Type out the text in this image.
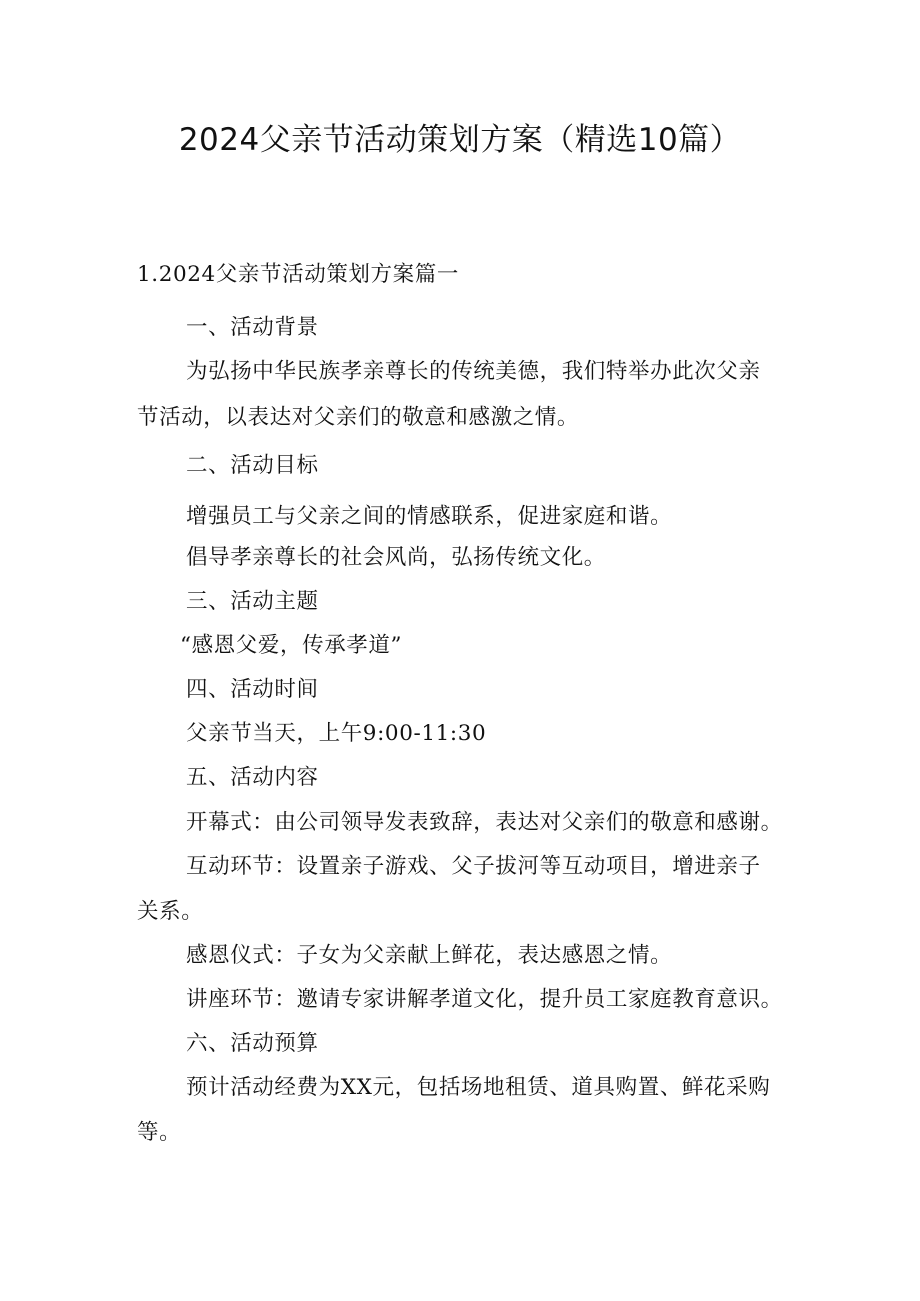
2024父亲节活动策划方案（精选10篇）
1.2024父亲节活动策划方案篇一
一、活动背景
为弘扬中华民族孝亲尊长的传统美德，我们特举办此次父亲
节活动，以表达对父亲们的敬意和感激之情。
二、活动目标
增强员工与父亲之间的情感联系，促进家庭和谐。
倡导孝亲尊长的社会风尚，弘扬传统文化。
三、活动主题
“感恩父爱，传承孝道”
四、活动时间
父亲节当天，上午9:00-11:30
五、活动内容
开幕式：由公司领导发表致辞，表达对父亲们的敬意和感谢。
互动环节：设置亲子游戏、父子拔河等互动项目，增进亲子
关系。
感恩仪式：子女为父亲献上鲜花，表达感恩之情。
讲座环节：邀请专家讲解孝道文化，提升员工家庭教育意识。
六、活动预算
预计活动经费为XX元，包括场地租赁、道具购置、鲜花采购
等。
